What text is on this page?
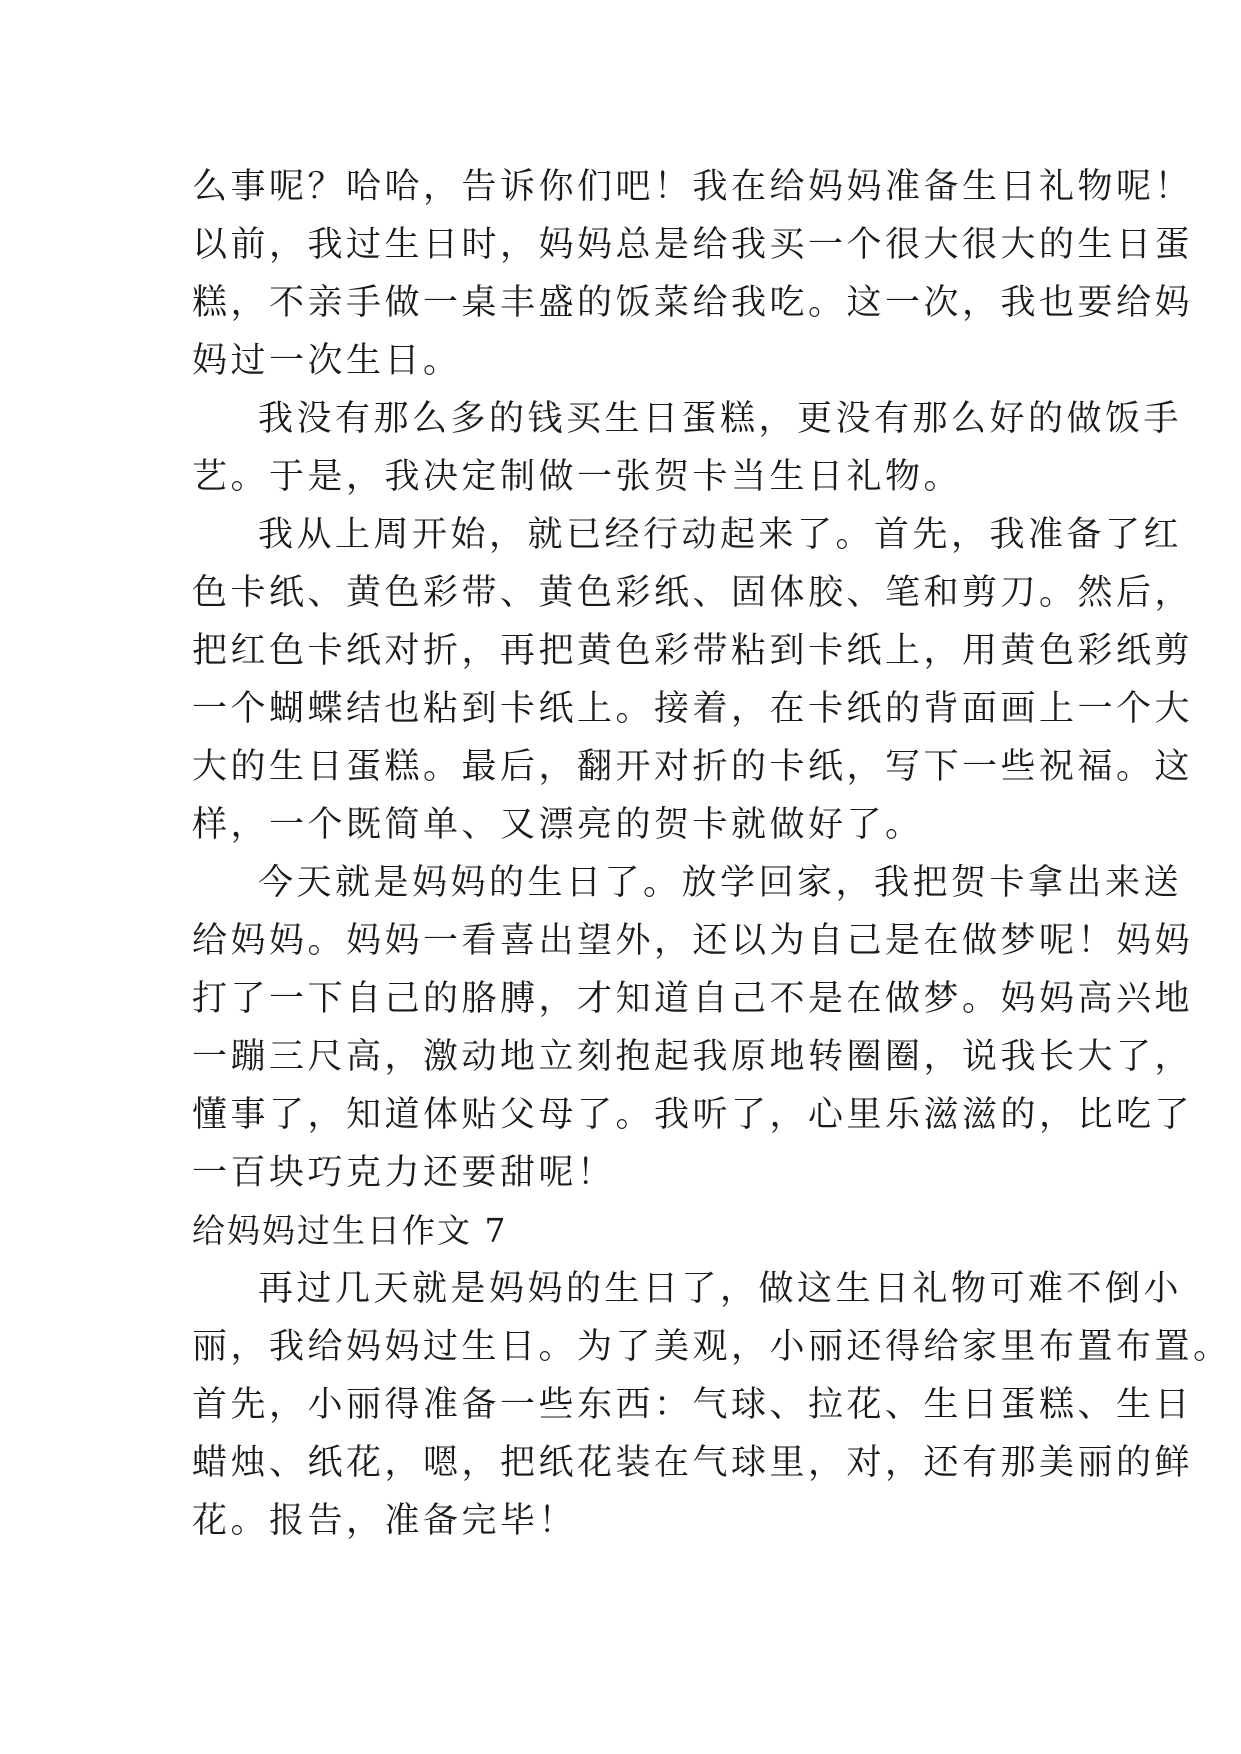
么事呢？哈哈，告诉你们吧！我在给妈妈准备生日礼物呢！
以前，我过生日时，妈妈总是给我买一个很大很大的生日蛋
糕，不亲手做一桌丰盛的饭菜给我吃。这一次，我也要给妈
妈过一次生日。
我没有那么多的钱买生日蛋糕，更没有那么好的做饭手
艺。于是，我决定制做一张贺卡当生日礼物。
我从上周开始，就已经行动起来了。首先，我准备了红
色卡纸、黄色彩带、黄色彩纸、固体胶、笔和剪刀。然后，
把红色卡纸对折，再把黄色彩带粘到卡纸上，用黄色彩纸剪
一个蝴蝶结也粘到卡纸上。接着，在卡纸的背面画上一个大
大的生日蛋糕。最后，翻开对折的卡纸，写下一些祝福。这
样，一个既简单、又漂亮的贺卡就做好了。
今天就是妈妈的生日了。放学回家，我把贺卡拿出来送
给妈妈。妈妈一看喜出望外，还以为自己是在做梦呢！妈妈
打了一下自己的胳膊，才知道自己不是在做梦。妈妈高兴地
一蹦三尺高，激动地立刻抱起我原地转圈圈，说我长大了，
懂事了，知道体贴父母了。我听了，心里乐滋滋的，比吃了
一百块巧克力还要甜呢！
给妈妈过生日作文 7
再过几天就是妈妈的生日了，做这生日礼物可难不倒小
丽，我给妈妈过生日。为了美观，小丽还得给家里布置布置。
首先，小丽得准备一些东西：气球、拉花、生日蛋糕、生日
蜡烛、纸花，嗯，把纸花装在气球里，对，还有那美丽的鲜
花。报告，准备完毕！
